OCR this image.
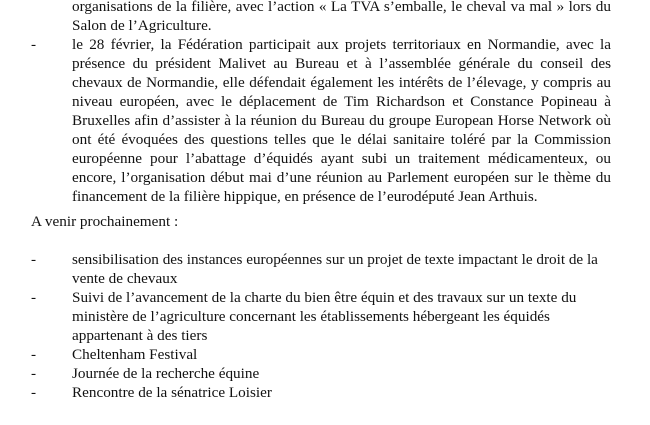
organisations de la filière, avec l’action « La TVA s’emballe, le cheval va mal » lors du Salon de l’Agriculture.
- le 28 février, la Fédération participait aux projets territoriaux en Normandie, avec la présence du président Malivet au Bureau et à l’assemblée générale du conseil des chevaux de Normandie, elle défendait également les intérêts de l’élevage, y compris au niveau européen, avec le déplacement de Tim Richardson et Constance Popineau à Bruxelles afin d’assister à la réunion du Bureau du groupe European Horse Network où ont été évoquées des questions telles que le délai sanitaire toléré par la Commission européenne pour l’abattage d’équidés ayant subi un traitement médicamenteux, ou encore, l’organisation début mai d’une réunion au Parlement européen sur le thème du financement de la filière hippique, en présence de l’eurodéputé Jean Arthuis.

A venir prochainement :

- sensibilisation des instances européennes sur un projet de texte impactant le droit de la vente de chevaux
- Suivi de l’avancement de la charte du bien être équin et des travaux sur un texte du ministère de l’agriculture concernant les établissements hébergeant les équidés appartenant à des tiers
- Cheltenham Festival
- Journée de la recherche équine
- Rencontre de la sénatrice Loisier
